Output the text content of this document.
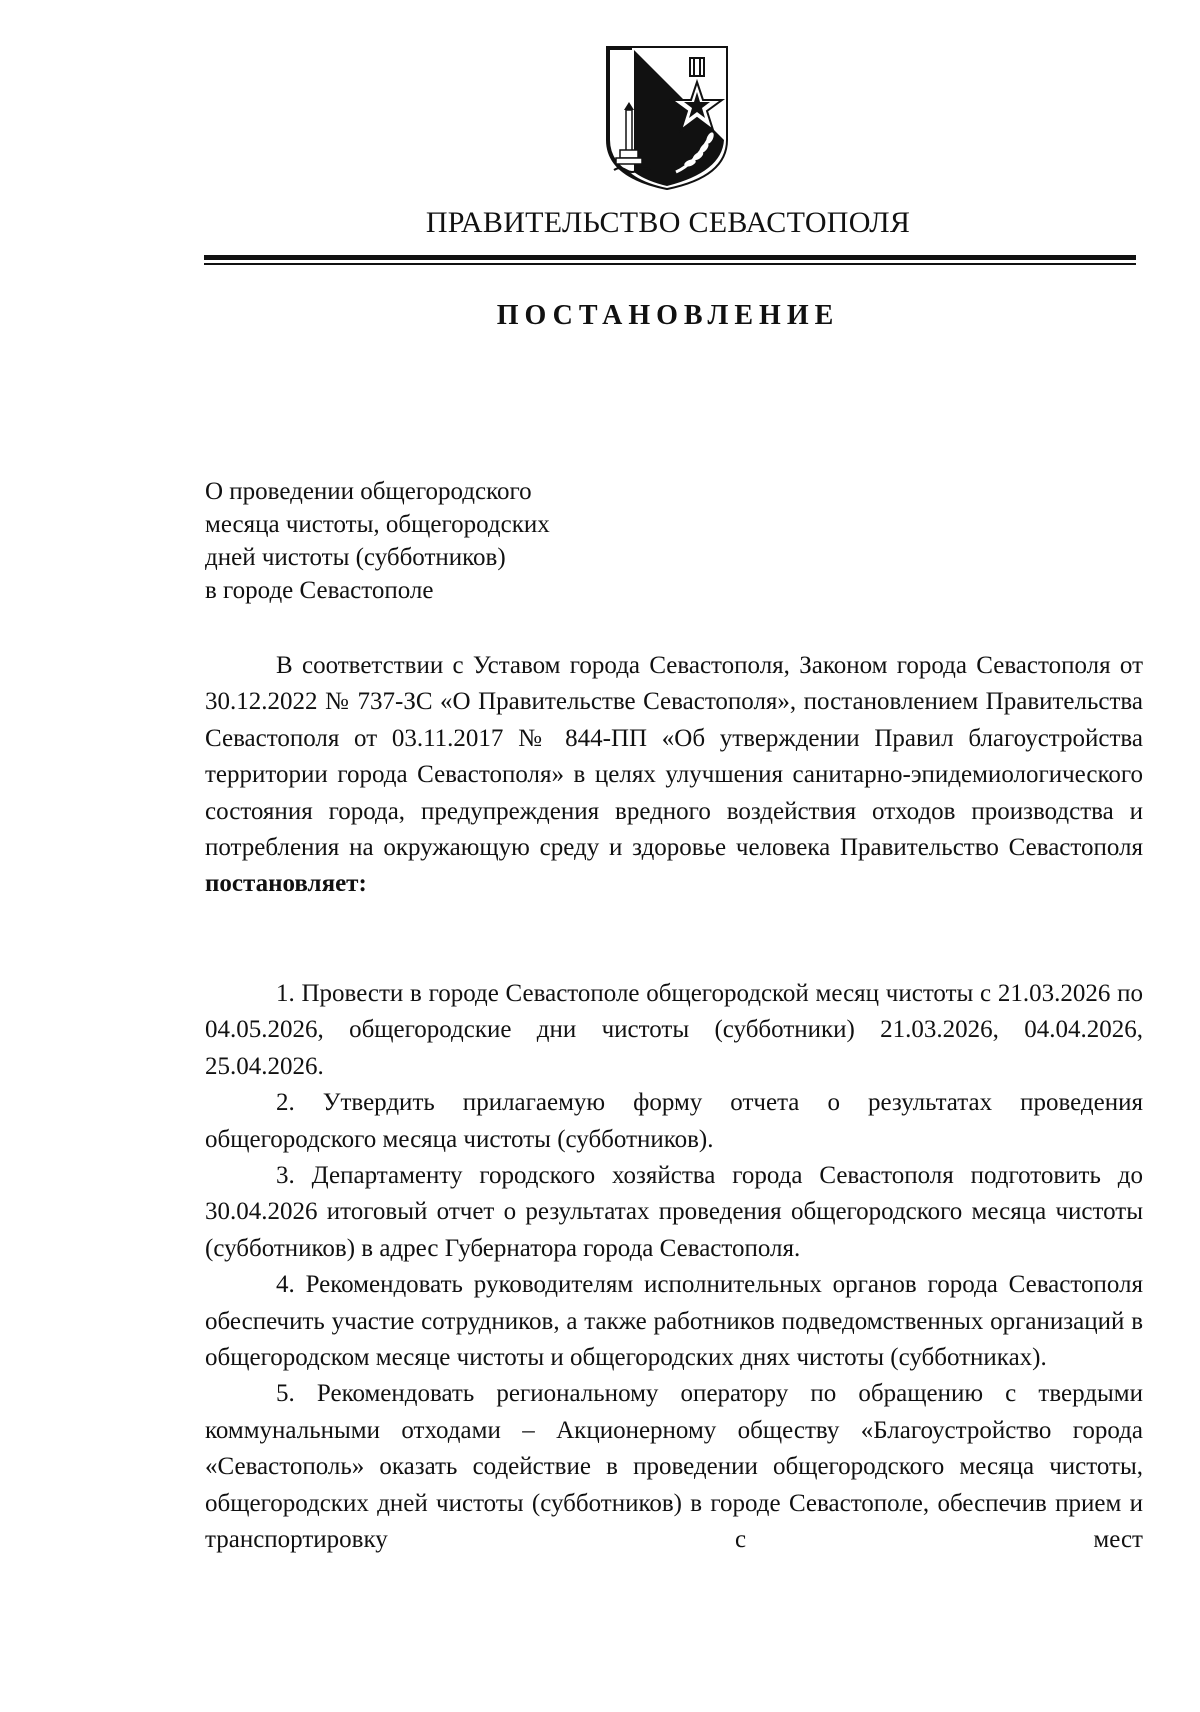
ПРАВИТЕЛЬСТВО СЕВАСТОПОЛЯ
ПОСТАНОВЛЕНИЕ
О проведении общегородского
месяца чистоты, общегородских
дней чистоты (субботников)
в городе Севастополе

В соответствии с Уставом города Севастополя, Законом города Севастополя от 30.12.2022 № 737-ЗС «О Правительстве Севастополя», постановлением Правительства Севастополя от 03.11.2017 № 844-ПП «Об утверждении Правил благоустройства территории города Севастополя» в целях улучшения санитарно-эпидемиологического состояния города, предупреждения вредного воздействия отходов производства и потребления на окружающую среду и здоровье человека Правительство Севастополя постановляет:

1. Провести в городе Севастополе общегородской месяц чистоты с 21.03.2026 по 04.05.2026, общегородские дни чистоты (субботники) 21.03.2026, 04.04.2026, 25.04.2026.

2. Утвердить прилагаемую форму отчета о результатах проведения общегородского месяца чистоты (субботников).

3. Департаменту городского хозяйства города Севастополя подготовить до 30.04.2026 итоговый отчет о результатах проведения общегородского месяца чистоты (субботников) в адрес Губернатора города Севастополя.

4. Рекомендовать руководителям исполнительных органов города Севастополя обеспечить участие сотрудников, а также работников подведомственных организаций в общегородском месяце чистоты и общегородских днях чистоты (субботниках).

5. Рекомендовать региональному оператору по обращению с твердыми коммунальными отходами – Акционерному обществу «Благоустройство города «Севастополь» оказать содействие в проведении общегородского месяца чистоты, общегородских дней чистоты (субботников) в городе Севастополе, обеспечив прием и транспортировку с мест
